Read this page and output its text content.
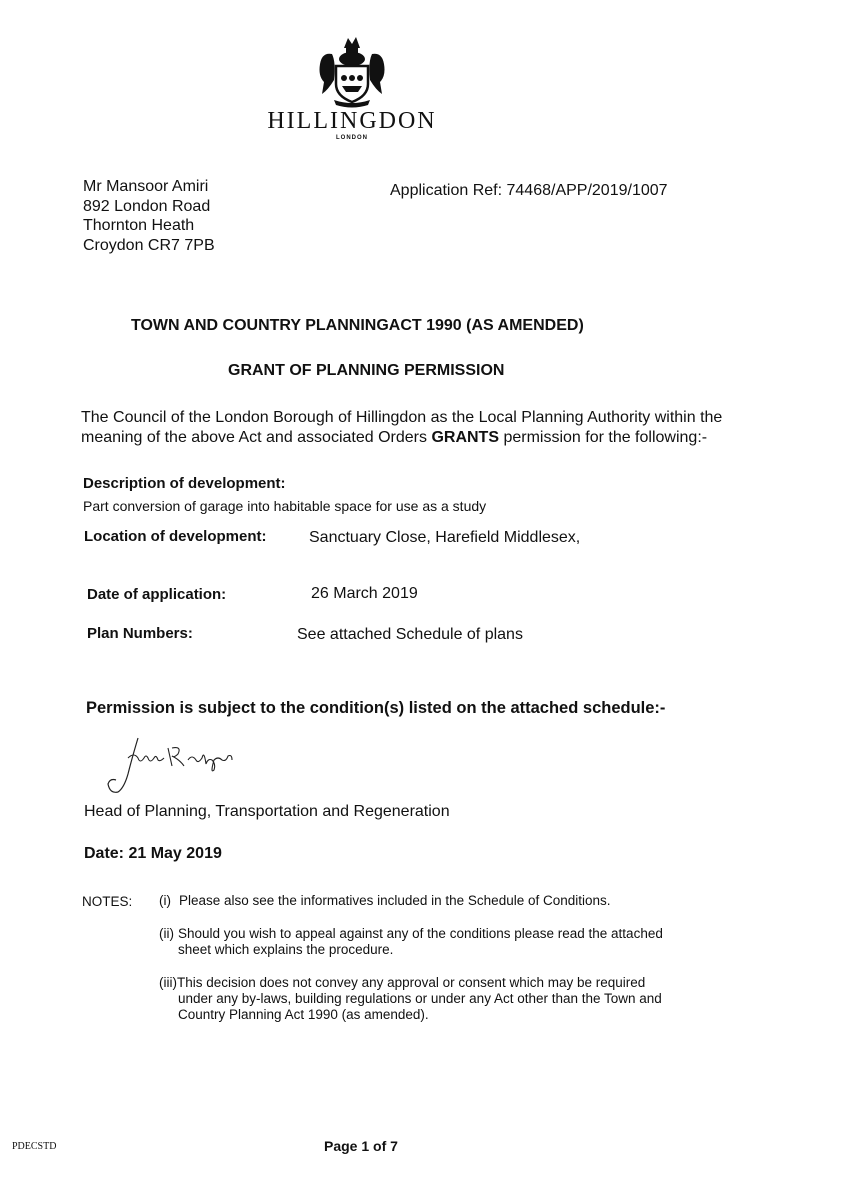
HILLINGDON
LONDON
Mr Mansoor Amiri
892 London Road
Thornton Heath
Croydon CR7 7PB
Application Ref: 74468/APP/2019/1007
TOWN AND COUNTRY PLANNINGACT 1990 (AS AMENDED)
GRANT OF PLANNING PERMISSION
The Council of the London Borough of Hillingdon as the Local Planning Authority within the meaning of the above Act and associated Orders GRANTS permission for the following:-
Description of development:
Part conversion of garage into habitable space for use as a study
Location of development:	Sanctuary Close, Harefield Middlesex,
Date of application:	26 March 2019
Plan Numbers:	See attached Schedule of plans
Permission is subject to the condition(s) listed on the attached schedule:-
Head of Planning, Transportation and Regeneration
Date: 21 May 2019
NOTES: (i) Please also see the informatives included in the Schedule of Conditions.
(ii) Should you wish to appeal against any of the conditions please read the attached
sheet which explains the procedure.
(iii) This decision does not convey any approval or consent which may be required
under any by-laws, building regulations or under any Act other than the Town and
Country Planning Act 1990 (as amended).
PDECSTD	Page 1 of 7
